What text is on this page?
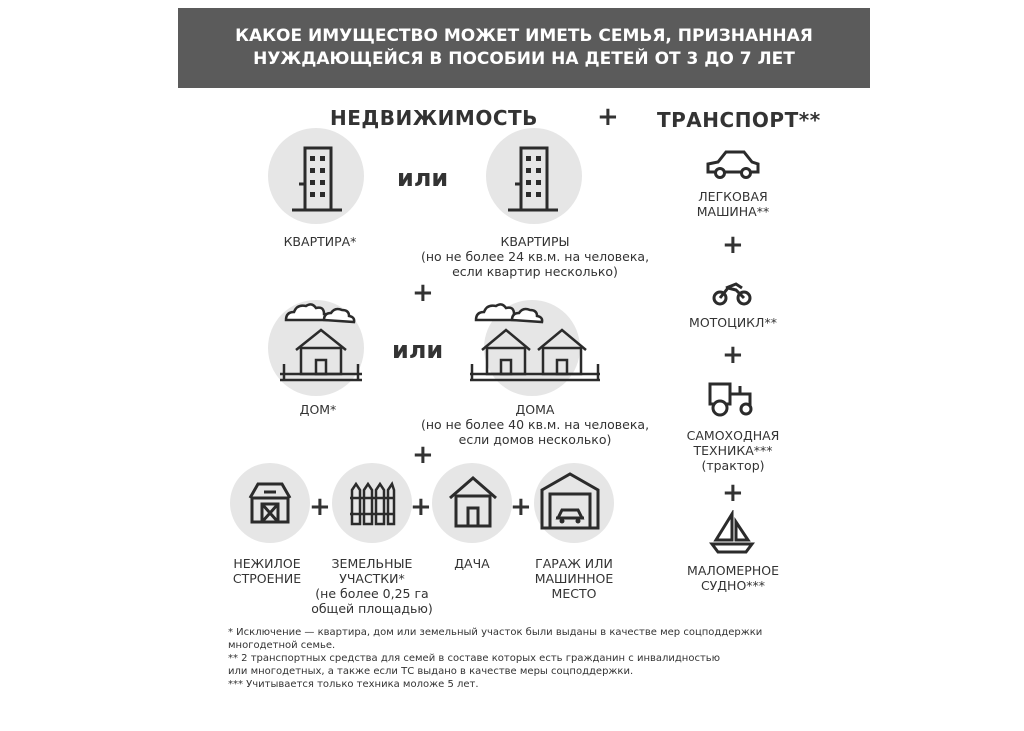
КАКОЕ ИМУЩЕСТВО МОЖЕТ ИМЕТЬ СЕМЬЯ, ПРИЗНАННАЯ
НУЖДАЮЩЕЙСЯ В ПОСОБИИ НА ДЕТЕЙ ОТ 3 ДО 7 ЛЕТ
НЕДВИЖИМОСТЬ + ТРАНСПОРТ**
КВАРТИРА*
или
КВАРТИРЫ
(но не более 24 кв.м. на человека,
если квартир несколько)
+
ДОМ*
или
ДОМА
(но не более 40 кв.м. на человека,
если домов несколько)
+
НЕЖИЛОЕ
СТРОЕНИЕ
+
ЗЕМЕЛЬНЫЕ
УЧАСТКИ*
(не более 0,25 га
общей площадью)
+
ДАЧА
+
ГАРАЖ ИЛИ
МАШИННОЕ
МЕСТО
ЛЕГКОВАЯ
МАШИНА**
+
МОТОЦИКЛ**
+
САМОХОДНАЯ
ТЕХНИКА***
(трактор)
+
МАЛОМЕРНОЕ
СУДНО***
* Исключение — квартира, дом или земельный участок были выданы в качестве мер соцподдержки
многодетной семье.
** 2 транспортных средства для семей в составе которых есть гражданин с инвалидностью
или многодетных, а также если ТС выдано в качестве меры соцподдержки.
*** Учитывается только техника моложе 5 лет.
